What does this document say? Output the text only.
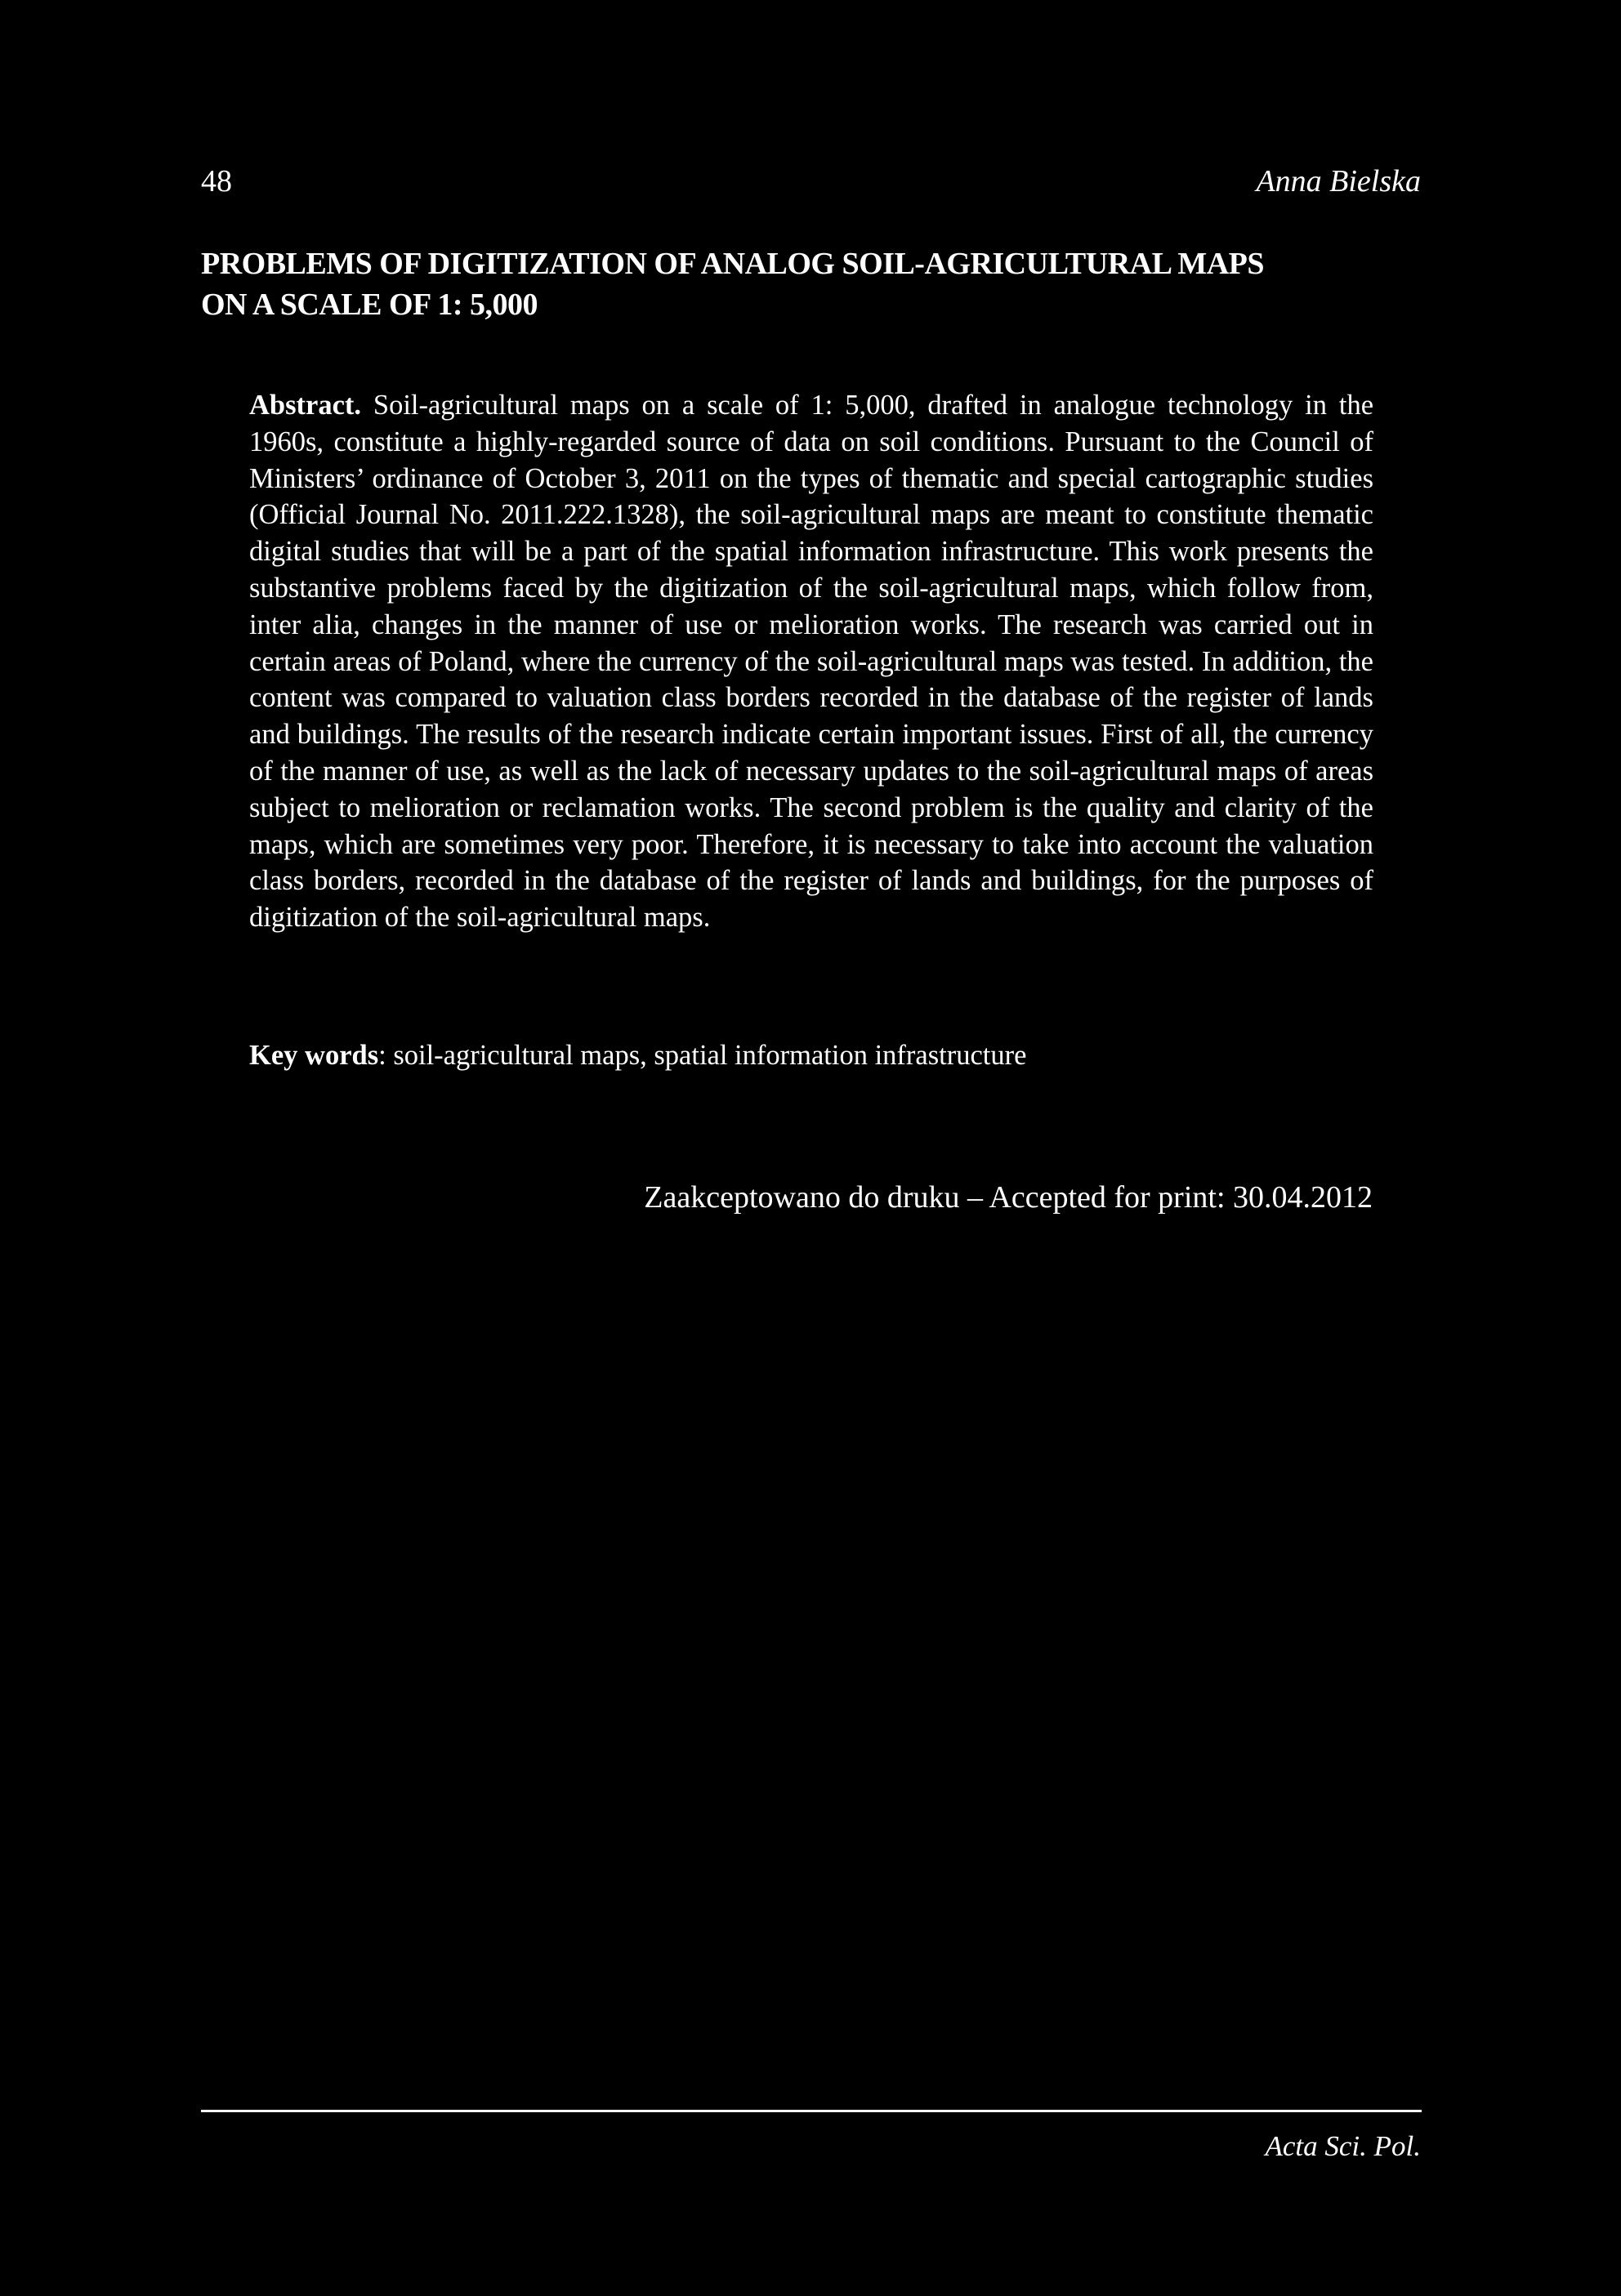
48	Anna Bielska
PROBLEMS OF DIGITIZATION OF ANALOG SOIL-AGRICULTURAL MAPS
ON A SCALE OF 1: 5,000

Abstract. Soil-agricultural maps on a scale of 1: 5,000, drafted in analogue technology in the 1960s, constitute a highly-regarded source of data on soil conditions. Pursuant to the Council of Ministers’ ordinance of October 3, 2011 on the types of thematic and special cartographic studies (Official Journal No. 2011.222.1328), the soil-agricultural maps are meant to constitute thematic digital studies that will be a part of the spatial information infrastructure. This work presents the substantive problems faced by the digitization of the soil-agricultural maps, which follow from, inter alia, changes in the manner of use or melioration works. The research was carried out in certain areas of Poland, where the currency of the soil-agricultural maps was tested. In addition, the content was compared to valuation class borders recorded in the database of the register of lands and buildings. The results of the research indicate certain important issues. First of all, the currency of the manner of use, as well as the lack of necessary updates to the soil-agricultural maps of areas subject to melioration or reclamation works. The second problem is the quality and clarity of the maps, which are sometimes very poor. Therefore, it is necessary to take into account the valuation class borders, recorded in the database of the register of lands and buildings, for the purposes of digitization of the soil-agricultural maps.

Key words: soil-agricultural maps, spatial information infrastructure

Zaakceptowano do druku – Accepted for print: 30.04.2012
Acta Sci. Pol.
